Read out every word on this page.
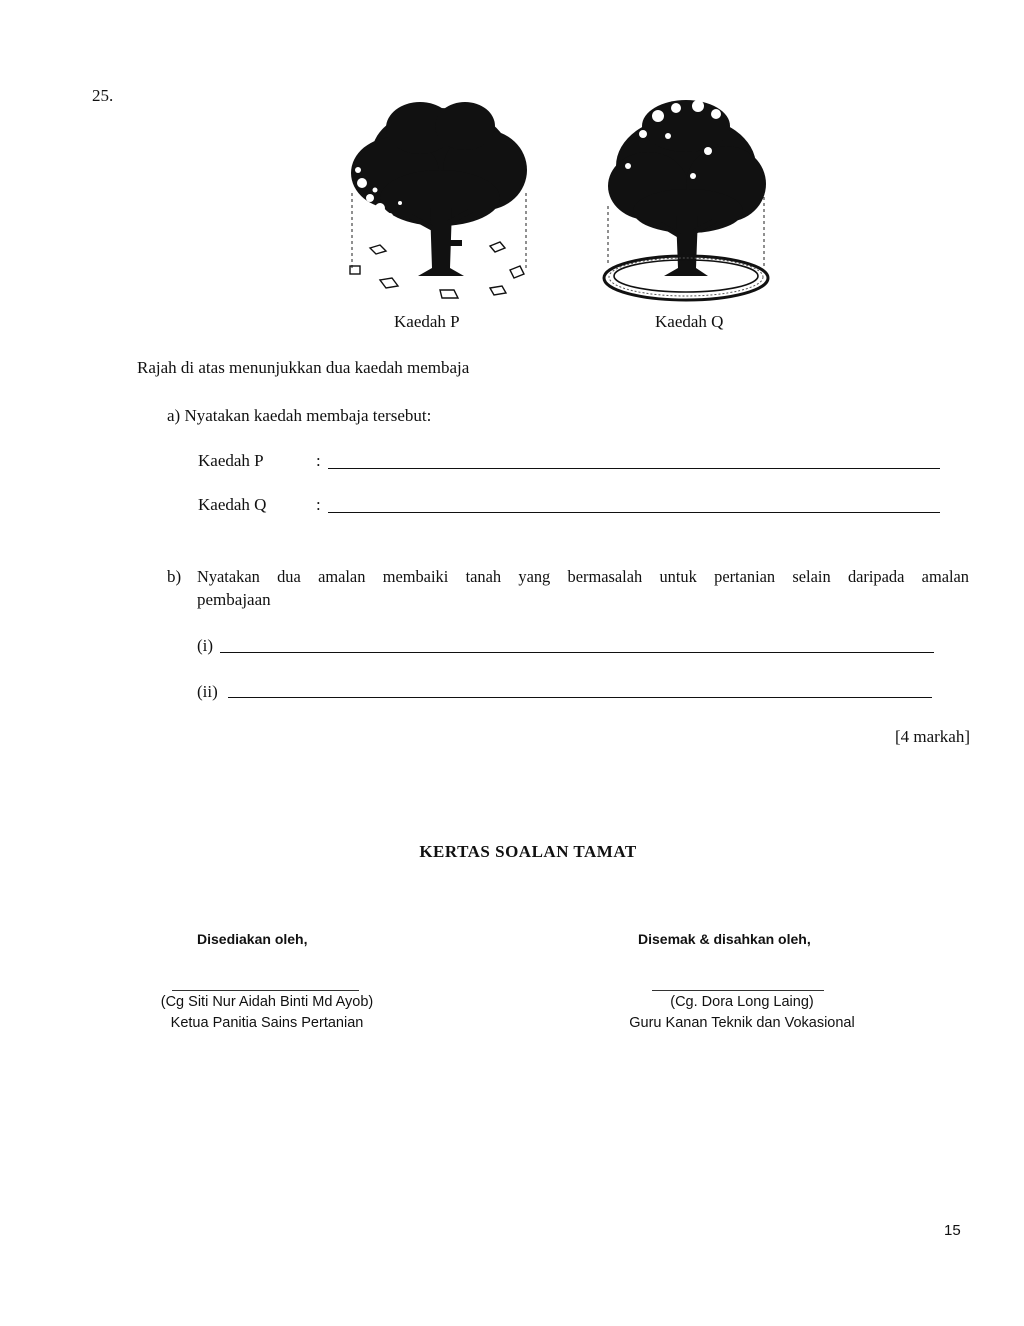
25.
Kaedah P	Kaedah Q
Rajah di atas menunjukkan dua kaedah membaja
a) Nyatakan kaedah membaja tersebut:
Kaedah P	:
Kaedah Q	:
b) Nyatakan dua amalan membaiki tanah yang bermasalah untuk pertanian selain daripada amalan
pembajaan
(i)
(ii)
[4 markah]
KERTAS SOALAN TAMAT
Disediakan oleh,
(Cg Siti Nur Aidah Binti Md Ayob)
Ketua Panitia Sains Pertanian
Disemak & disahkan oleh,
(Cg. Dora Long Laing)
Guru Kanan Teknik dan Vokasional
15
